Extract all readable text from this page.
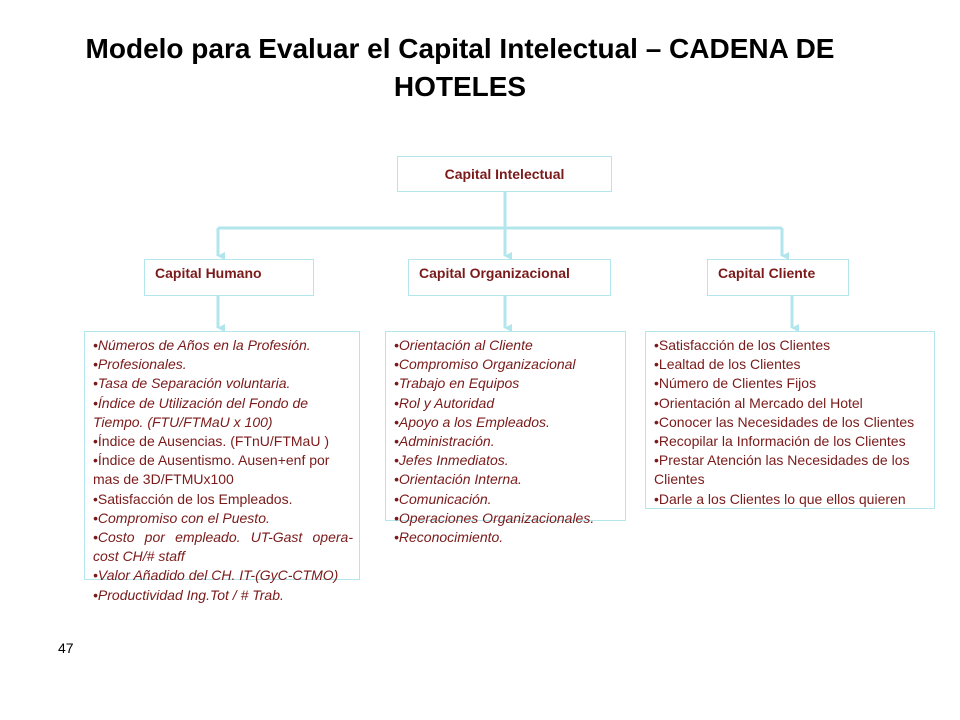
Modelo para Evaluar el Capital Intelectual – CADENA DE HOTELES
Capital Intelectual
Capital Humano	Capital Organizacional	Capital Cliente
•Números de Años en la Profesión.
•Profesionales.
•Tasa de Separación voluntaria.
•Índice de Utilización del Fondo de Tiempo. (FTU/FTMaU x 100)
•Índice de Ausencias. (FTnU/FTMaU )
•Índice de Ausentismo. Ausen+enf por mas de 3D/FTMUx100
•Satisfacción de los Empleados.
•Compromiso con el Puesto.
•Costo por empleado. UT-Gast opera-cost CH/# staff
•Valor Añadido del CH. IT-(GyC-CTMO)
•Productividad Ing.Tot / # Trab.
•Orientación al Cliente
•Compromiso Organizacional
•Trabajo en Equipos
•Rol y Autoridad
•Apoyo a los Empleados.
•Administración.
•Jefes Inmediatos.
•Orientación Interna.
•Comunicación.
•Operaciones Organizacionales.
•Reconocimiento.
•Satisfacción de los Clientes
•Lealtad de los Clientes
•Número de Clientes Fijos
•Orientación al Mercado del Hotel
•Conocer las Necesidades de los Clientes
•Recopilar la Información de los Clientes
•Prestar Atención las Necesidades de los Clientes
•Darle a los Clientes lo que ellos quieren
47
